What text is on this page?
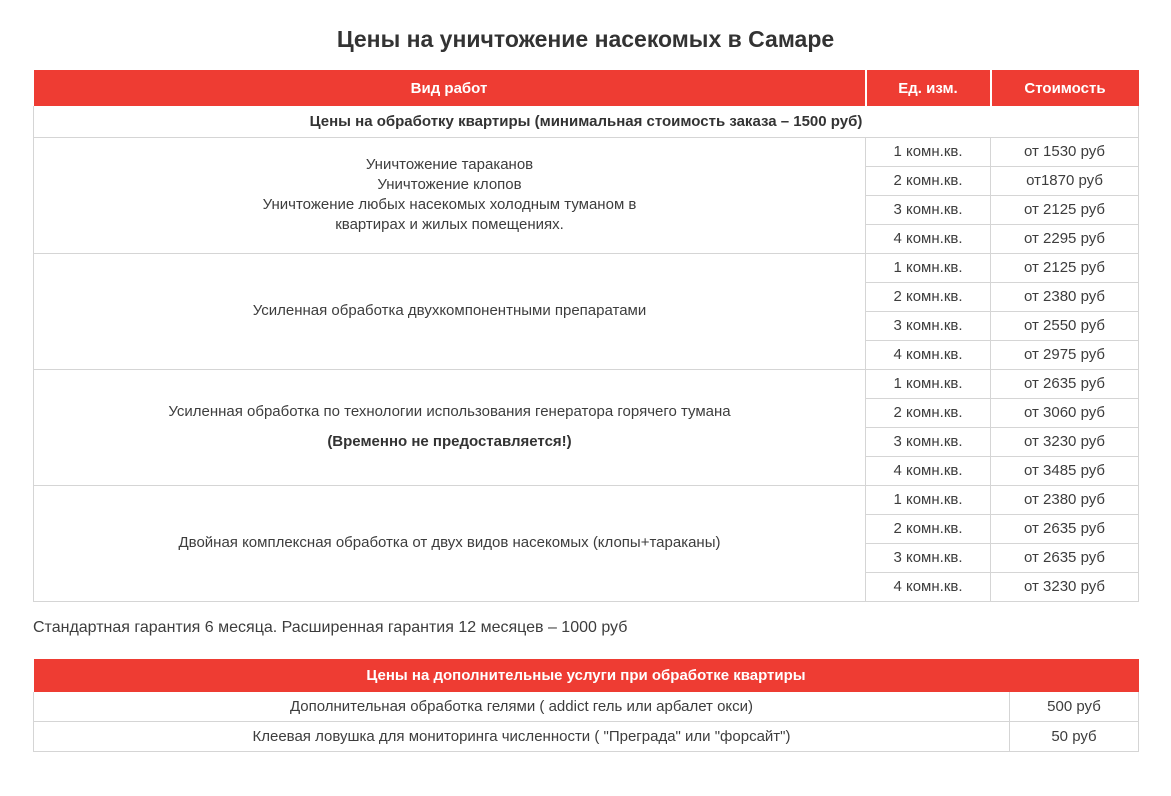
Цены на уничтожение насекомых в Самаре
Вид работ	Ед. изм.	Стоимость
Цены на обработку квартиры (минимальная стоимость заказа – 1500 руб)		

Уничтожение тараканов
Уничтожение клопов
Уничтожение любых насекомых холодным туманом в
квартирах и жилых помещениях.	1 комн.кв.	от 1530 руб
	2 комн.кв.	от1870 руб
	3 комн.кв.	от 2125 руб
	4 комн.кв.	от 2295 руб

Усиленная обработка двухкомпонентными препаратами	1 комн.кв.	от 2125 руб
	2 комн.кв.	от 2380 руб
	3 комн.кв.	от 2550 руб
	4 комн.кв.	от 2975 руб

Усиленная обработка по технологии использования генератора горячего тумана
(Временно не предоставляется!)	1 комн.кв.	от 2635 руб
	2 комн.кв.	от 3060 руб
	3 комн.кв.	от 3230 руб
	4 комн.кв.	от 3485 руб

Двойная комплексная обработка от двух видов насекомых (клопы+тараканы)	1 комн.кв.	от 2380 руб
	2 комн.кв.	от 2635 руб
	3 комн.кв.	от 2635 руб
	4 комн.кв.	от 3230 руб

Стандартная гарантия 6 месяца. Расширенная гарантия 12 месяцев – 1000 руб

Цены на дополнительные услуги при обработке квартиры	
Дополнительная обработка гелями ( addict гель или арбалет окси)	500 руб
Клеевая ловушка для мониторинга численности ( "Преграда" или "форсайт")	50 руб
